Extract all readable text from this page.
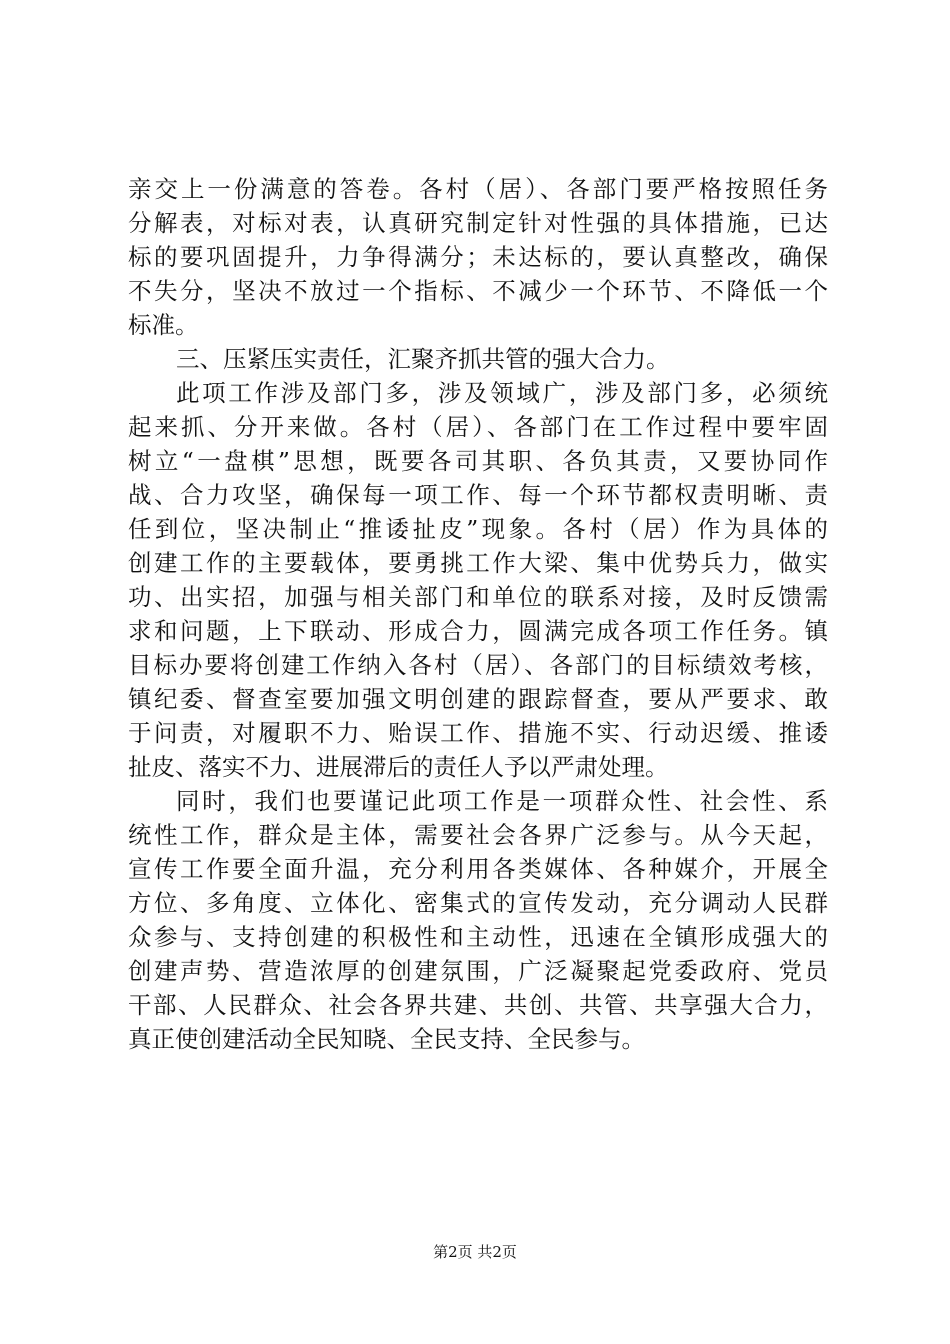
亲交上一份满意的答卷。各村（居）、各部门要严格按照任务
分解表，对标对表，认真研究制定针对性强的具体措施，已达
标的要巩固提升，力争得满分；未达标的，要认真整改，确保
不失分，坚决不放过一个指标、不减少一个环节、不降低一个
标准。
三、压紧压实责任，汇聚齐抓共管的强大合力。
此项工作涉及部门多，涉及领域广，涉及部门多，必须统
起来抓、分开来做。各村（居）、各部门在工作过程中要牢固
树立“一盘棋”思想，既要各司其职、各负其责，又要协同作
战、合力攻坚，确保每一项工作、每一个环节都权责明晰、责
任到位，坚决制止“推诿扯皮”现象。各村（居）作为具体的
创建工作的主要载体，要勇挑工作大梁、集中优势兵力，做实
功、出实招，加强与相关部门和单位的联系对接，及时反馈需
求和问题，上下联动、形成合力，圆满完成各项工作任务。镇
目标办要将创建工作纳入各村（居）、各部门的目标绩效考核，
镇纪委、督查室要加强文明创建的跟踪督查，要从严要求、敢
于问责，对履职不力、贻误工作、措施不实、行动迟缓、推诿
扯皮、落实不力、进展滞后的责任人予以严肃处理。
同时，我们也要谨记此项工作是一项群众性、社会性、系
统性工作，群众是主体，需要社会各界广泛参与。从今天起，
宣传工作要全面升温，充分利用各类媒体、各种媒介，开展全
方位、多角度、立体化、密集式的宣传发动，充分调动人民群
众参与、支持创建的积极性和主动性，迅速在全镇形成强大的
创建声势、营造浓厚的创建氛围，广泛凝聚起党委政府、党员
干部、人民群众、社会各界共建、共创、共管、共享强大合力，
真正使创建活动全民知晓、全民支持、全民参与。
第2页 共2页
